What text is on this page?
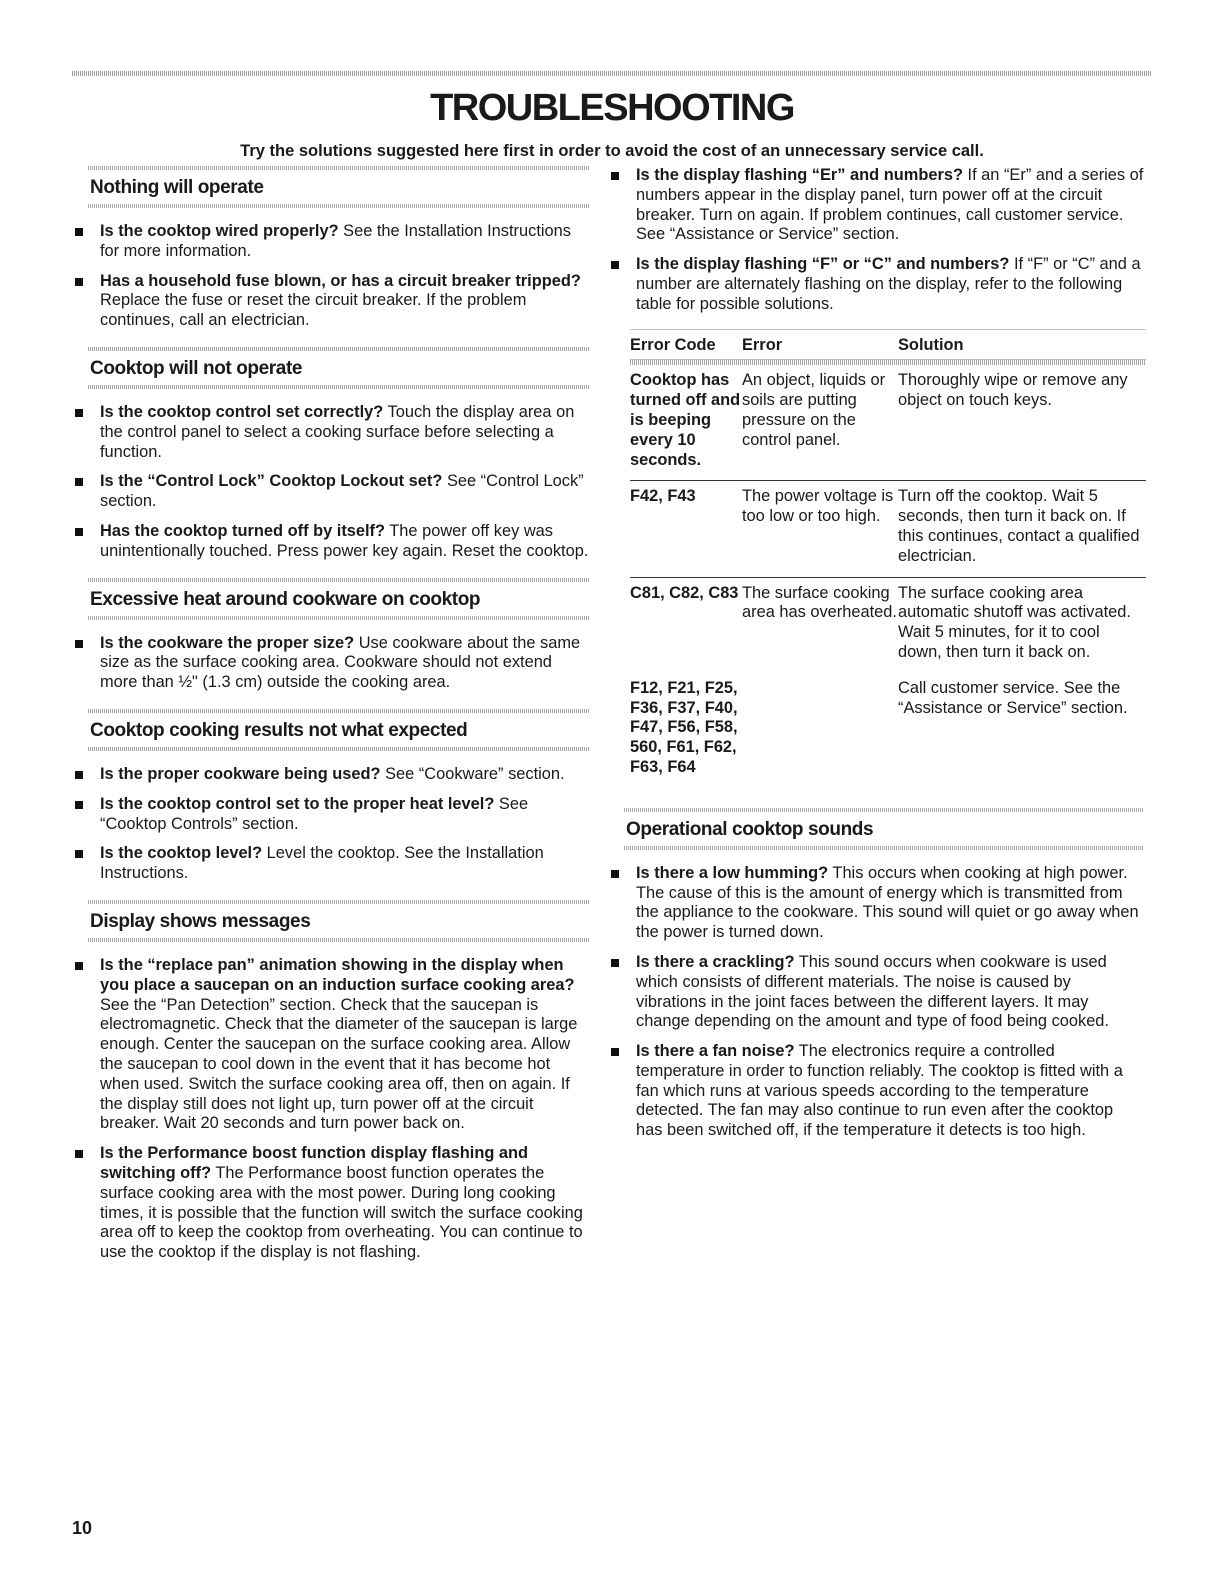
TROUBLESHOOTING

Try the solutions suggested here first in order to avoid the cost of an unnecessary service call.

Nothing will operate
Is the cooktop wired properly? See the Installation Instructions for more information.
Has a household fuse blown, or has a circuit breaker tripped? Replace the fuse or reset the circuit breaker. If the problem continues, call an electrician.
Cooktop will not operate
Is the cooktop control set correctly? Touch the display area on the control panel to select a cooking surface before selecting a function.
Is the “Control Lock” Cooktop Lockout set? See “Control Lock” section.
Has the cooktop turned off by itself? The power off key was unintentionally touched. Press power key again. Reset the cooktop.
Excessive heat around cookware on cooktop
Is the cookware the proper size? Use cookware about the same size as the surface cooking area. Cookware should not extend more than ½" (1.3 cm) outside the cooking area.
Cooktop cooking results not what expected
Is the proper cookware being used? See “Cookware” section.
Is the cooktop control set to the proper heat level? See “Cooktop Controls” section.
Is the cooktop level? Level the cooktop. See the Installation Instructions.
Display shows messages
Is the “replace pan” animation showing in the display when you place a saucepan on an induction surface cooking area? See the “Pan Detection” section. Check that the saucepan is electromagnetic. Check that the diameter of the saucepan is large enough. Center the saucepan on the surface cooking area. Allow the saucepan to cool down in the event that it has become hot when used. Switch the surface cooking area off, then on again. If the display still does not light up, turn power off at the circuit breaker. Wait 20 seconds and turn power back on.
Is the Performance boost function display flashing and switching off? The Performance boost function operates the surface cooking area with the most power. During long cooking times, it is possible that the function will switch the surface cooking area off to keep the cooktop from overheating. You can continue to use the cooktop if the display is not flashing.
Is the display flashing “Er” and numbers? If an “Er” and a series of numbers appear in the display panel, turn power off at the circuit breaker. Turn on again. If problem continues, call customer service. See “Assistance or Service” section.
Is the display flashing “F” or “C” and numbers? If “F” or “C” and a number are alternately flashing on the display, refer to the following table for possible solutions.
Error Code	Error	Solution

Cooktop has turned off and is beeping every 10 seconds.	An object, liquids or soils are putting pressure on the control panel.	Thoroughly wipe or remove any object on touch keys.
F42, F43	The power voltage is too low or too high.	Turn off the cooktop. Wait 5 seconds, then turn it back on. If this continues, contact a qualified electrician.
C81, C82, C83	The surface cooking area has overheated.	The surface cooking area automatic shutoff was activated. Wait 5 minutes, for it to cool down, then turn it back on.
F12, F21, F25, F36, F37, F40, F47, F56, F58, 560, F61, F62, F63, F64		Call customer service. See the “Assistance or Service” section.
Operational cooktop sounds
Is there a low humming? This occurs when cooking at high power. The cause of this is the amount of energy which is transmitted from the appliance to the cookware. This sound will quiet or go away when the power is turned down.
Is there a crackling? This sound occurs when cookware is used which consists of different materials. The noise is caused by vibrations in the joint faces between the different layers. It may change depending on the amount and type of food being cooked.
Is there a fan noise? The electronics require a controlled temperature in order to function reliably. The cooktop is fitted with a fan which runs at various speeds according to the temperature detected. The fan may also continue to run even after the cooktop has been switched off, if the temperature it detects is too high.
10
